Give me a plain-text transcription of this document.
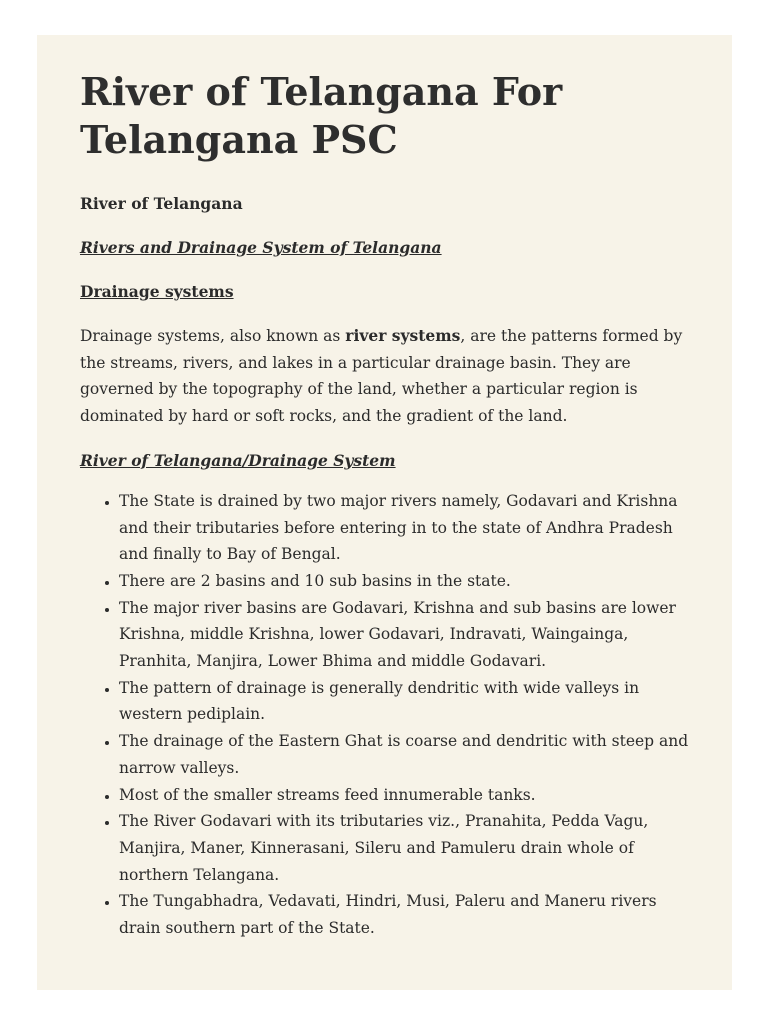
River of Telangana For Telangana PSC
River of Telangana
Rivers and Drainage System of Telangana
Drainage systems

Drainage systems, also known as river systems, are the patterns formed by the streams, rivers, and lakes in a particular drainage basin. They are governed by the topography of the land, whether a particular region is dominated by hard or soft rocks, and the gradient of the land.

River of Telangana/Drainage System
• The State is drained by two major rivers namely, Godavari and Krishna and their tributaries before entering in to the state of Andhra Pradesh and finally to Bay of Bengal.
• There are 2 basins and 10 sub basins in the state.
• The major river basins are Godavari, Krishna and sub basins are lower Krishna, middle Krishna, lower Godavari, Indravati, Waingainga, Pranhita, Manjira, Lower Bhima and middle Godavari.
• The pattern of drainage is generally dendritic with wide valleys in western pediplain.
• The drainage of the Eastern Ghat is coarse and dendritic with steep and narrow valleys.
• Most of the smaller streams feed innumerable tanks.
• The River Godavari with its tributaries viz., Pranahita, Pedda Vagu, Manjira, Maner, Kinnerasani, Sileru and Pamuleru drain whole of northern Telangana.
• The Tungabhadra, Vedavati, Hindri, Musi, Paleru and Maneru rivers drain southern part of the State.
